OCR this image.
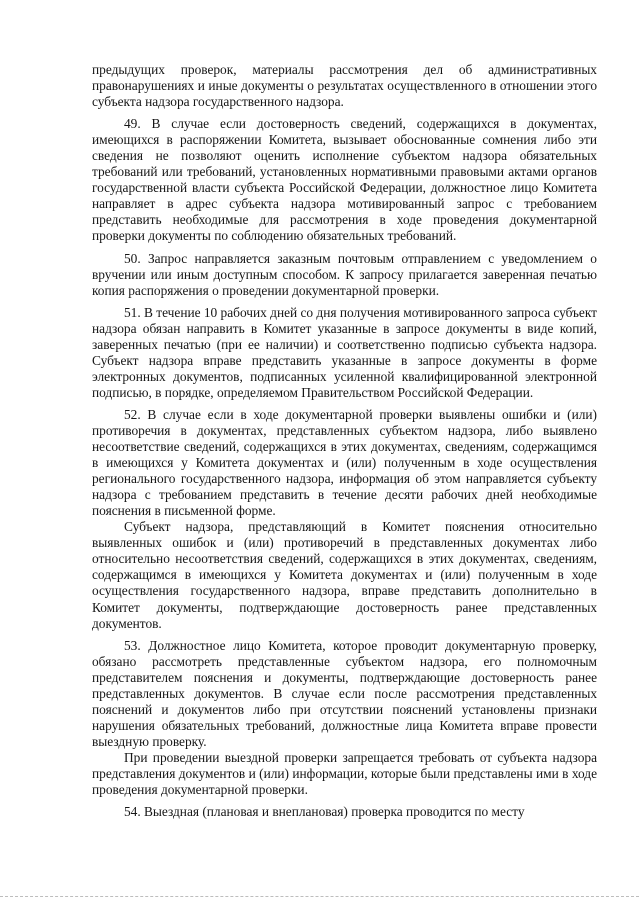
предыдущих проверок, материалы рассмотрения дел об административных правонарушениях и иные документы о результатах осуществленного в отношении этого субъекта надзора государственного надзора.

49. В случае если достоверность сведений, содержащихся в документах, имеющихся в распоряжении Комитета, вызывает обоснованные сомнения либо эти сведения не позволяют оценить исполнение субъектом надзора обязательных требований или требований, установленных нормативными правовыми актами органов государственной власти субъекта Российской Федерации, должностное лицо Комитета направляет в адрес субъекта надзора мотивированный запрос с требованием представить необходимые для рассмотрения в ходе проведения документарной проверки документы по соблюдению обязательных требований.

50. Запрос направляется заказным почтовым отправлением с уведомлением о вручении или иным доступным способом. К запросу прилагается заверенная печатью копия распоряжения о проведении документарной проверки.

51. В течение 10 рабочих дней со дня получения мотивированного запроса субъект надзора обязан направить в Комитет указанные в запросе документы в виде копий, заверенных печатью (при ее наличии) и соответственно подписью субъекта надзора. Субъект надзора вправе представить указанные в запросе документы в форме электронных документов, подписанных усиленной квалифицированной электронной подписью, в порядке, определяемом Правительством Российской Федерации.

52. В случае если в ходе документарной проверки выявлены ошибки и (или) противоречия в документах, представленных субъектом надзора, либо выявлено несоответствие сведений, содержащихся в этих документах, сведениям, содержащимся в имеющихся у Комитета документах и (или) полученным в ходе осуществления регионального государственного надзора, информация об этом направляется субъекту надзора с требованием представить в течение десяти рабочих дней необходимые пояснения в письменной форме.

Субъект надзора, представляющий в Комитет пояснения относительно выявленных ошибок и (или) противоречий в представленных документах либо относительно несоответствия сведений, содержащихся в этих документах, сведениям, содержащимся в имеющихся у Комитета документах и (или) полученным в ходе осуществления государственного надзора, вправе представить дополнительно в Комитет документы, подтверждающие достоверность ранее представленных документов.

53. Должностное лицо Комитета, которое проводит документарную проверку, обязано рассмотреть представленные субъектом надзора, его полномочным представителем пояснения и документы, подтверждающие достоверность ранее представленных документов. В случае если после рассмотрения представленных пояснений и документов либо при отсутствии пояснений установлены признаки нарушения обязательных требований, должностные лица Комитета вправе провести выездную проверку.

При проведении выездной проверки запрещается требовать от субъекта надзора представления документов и (или) информации, которые были представлены ими в ходе проведения документарной проверки.

54. Выездная (плановая и внеплановая) проверка проводится по месту
